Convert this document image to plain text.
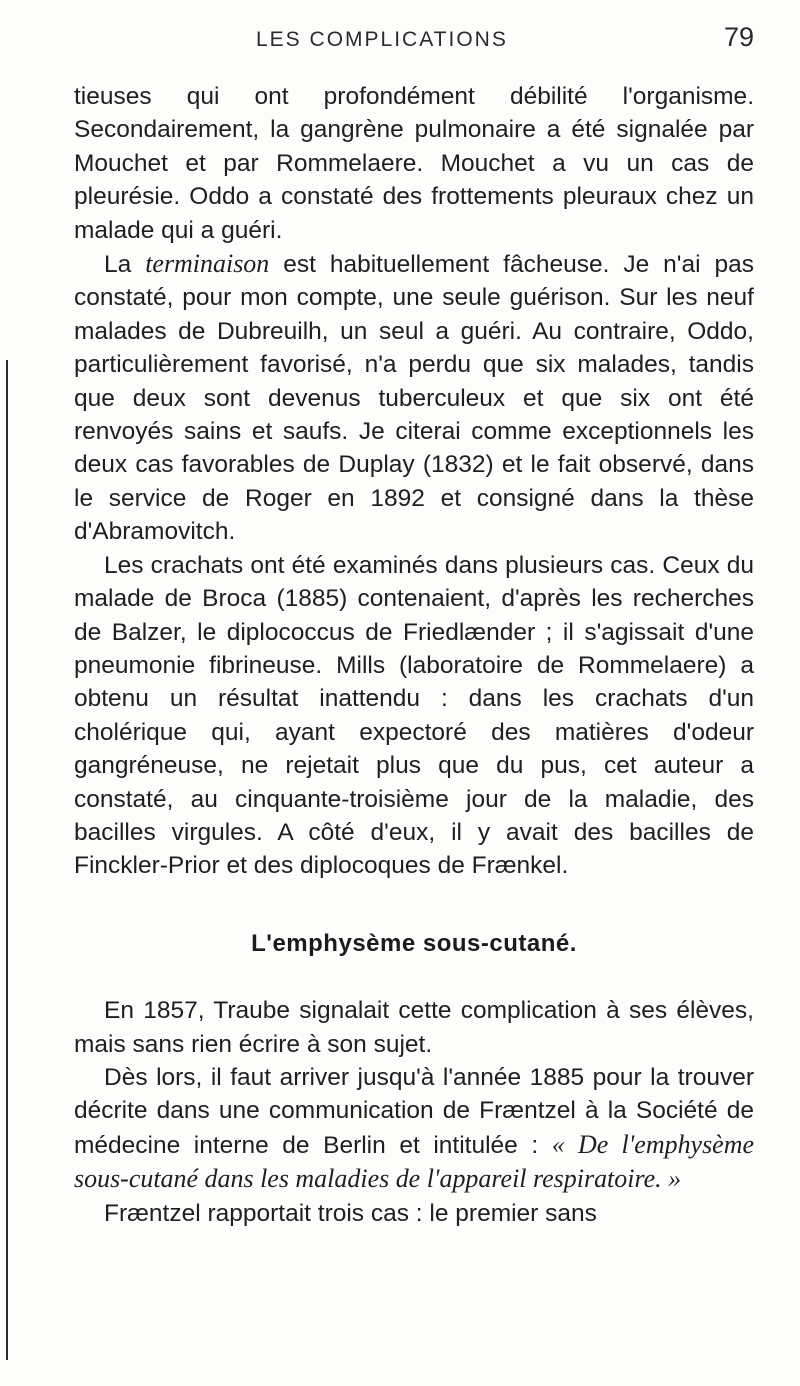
LES COMPLICATIONS	79

tieuses qui ont profondément débilité l'organisme. Secondairement, la gangrène pulmonaire a été signalée par Mouchet et par Rommelaere. Mouchet a vu un cas de pleurésie. Oddo a constaté des frottements pleuraux chez un malade qui a guéri.

La terminaison est habituellement fâcheuse. Je n'ai pas constaté, pour mon compte, une seule guérison. Sur les neuf malades de Dubreuilh, un seul a guéri. Au contraire, Oddo, particulièrement favorisé, n'a perdu que six malades, tandis que deux sont devenus tuberculeux et que six ont été renvoyés sains et saufs. Je citerai comme exceptionnels les deux cas favorables de Duplay (1832) et le fait observé, dans le service de Roger en 1892 et consigné dans la thèse d'Abramovitch.

Les crachats ont été examinés dans plusieurs cas. Ceux du malade de Broca (1885) contenaient, d'après les recherches de Balzer, le diplococcus de Friedlænder ; il s'agissait d'une pneumonie fibrineuse. Mills (laboratoire de Rommelaere) a obtenu un résultat inattendu : dans les crachats d'un cholérique qui, ayant expectoré des matières d'odeur gangréneuse, ne rejetait plus que du pus, cet auteur a constaté, au cinquante-troisième jour de la maladie, des bacilles virgules. A côté d'eux, il y avait des bacilles de Finckler-Prior et des diplocoques de Frænkel.

L'emphysème sous-cutané.

En 1857, Traube signalait cette complication à ses élèves, mais sans rien écrire à son sujet.

Dès lors, il faut arriver jusqu'à l'année 1885 pour la trouver décrite dans une communication de Fræntzel à la Société de médecine interne de Berlin et intitulée : « De l'emphysème sous-cutané dans les maladies de l'appareil respiratoire. »

Fræntzel rapportait trois cas : le premier sans
